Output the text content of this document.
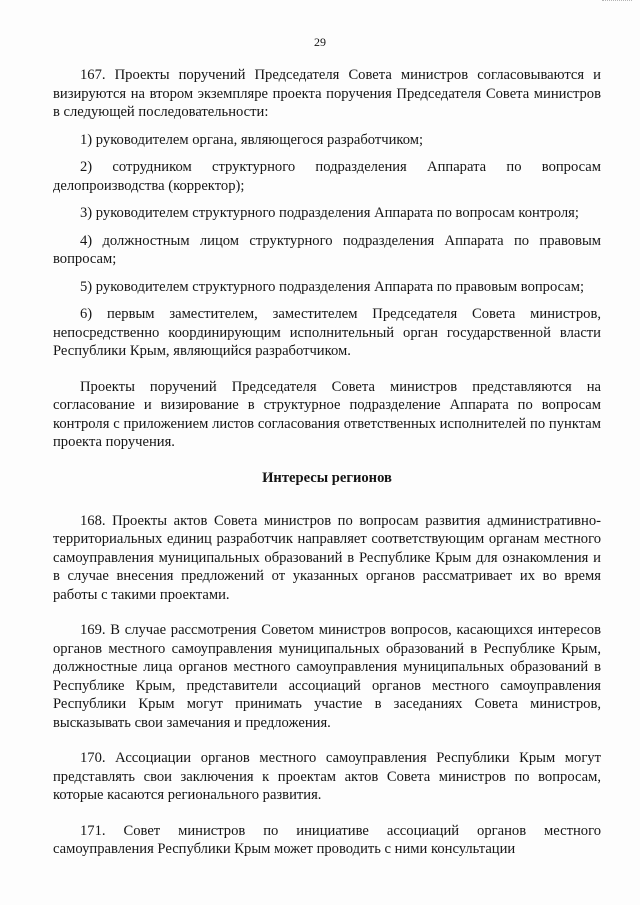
29

167. Проекты поручений Председателя Совета министров согласовываются и визируются на втором экземпляре проекта поручения Председателя Совета министров в следующей последовательности:

1) руководителем органа, являющегося разработчиком;

2) сотрудником структурного подразделения Аппарата по вопросам делопроизводства (корректор);

3) руководителем структурного подразделения Аппарата по вопросам контроля;

4) должностным лицом структурного подразделения Аппарата по правовым вопросам;

5) руководителем структурного подразделения Аппарата по правовым вопросам;

6) первым заместителем, заместителем Председателя Совета министров, непосредственно координирующим исполнительный орган государственной власти Республики Крым, являющийся разработчиком.

Проекты поручений Председателя Совета министров представляются на согласование и визирование в структурное подразделение Аппарата по вопросам контроля с приложением листов согласования ответственных исполнителей по пунктам проекта поручения.

Интересы регионов

168. Проекты актов Совета министров по вопросам развития административно-территориальных единиц разработчик направляет соответствующим органам местного самоуправления муниципальных образований в Республике Крым для ознакомления и в случае внесения предложений от указанных органов рассматривает их во время работы с такими проектами.

169. В случае рассмотрения Советом министров вопросов, касающихся интересов органов местного самоуправления муниципальных образований в Республике Крым, должностные лица органов местного самоуправления муниципальных образований в Республике Крым, представители ассоциаций органов местного самоуправления Республики Крым могут принимать участие в заседаниях Совета министров, высказывать свои замечания и предложения.

170. Ассоциации органов местного самоуправления Республики Крым могут представлять свои заключения к проектам актов Совета министров по вопросам, которые касаются регионального развития.

171. Совет министров по инициативе ассоциаций органов местного самоуправления Республики Крым может проводить с ними консультации
